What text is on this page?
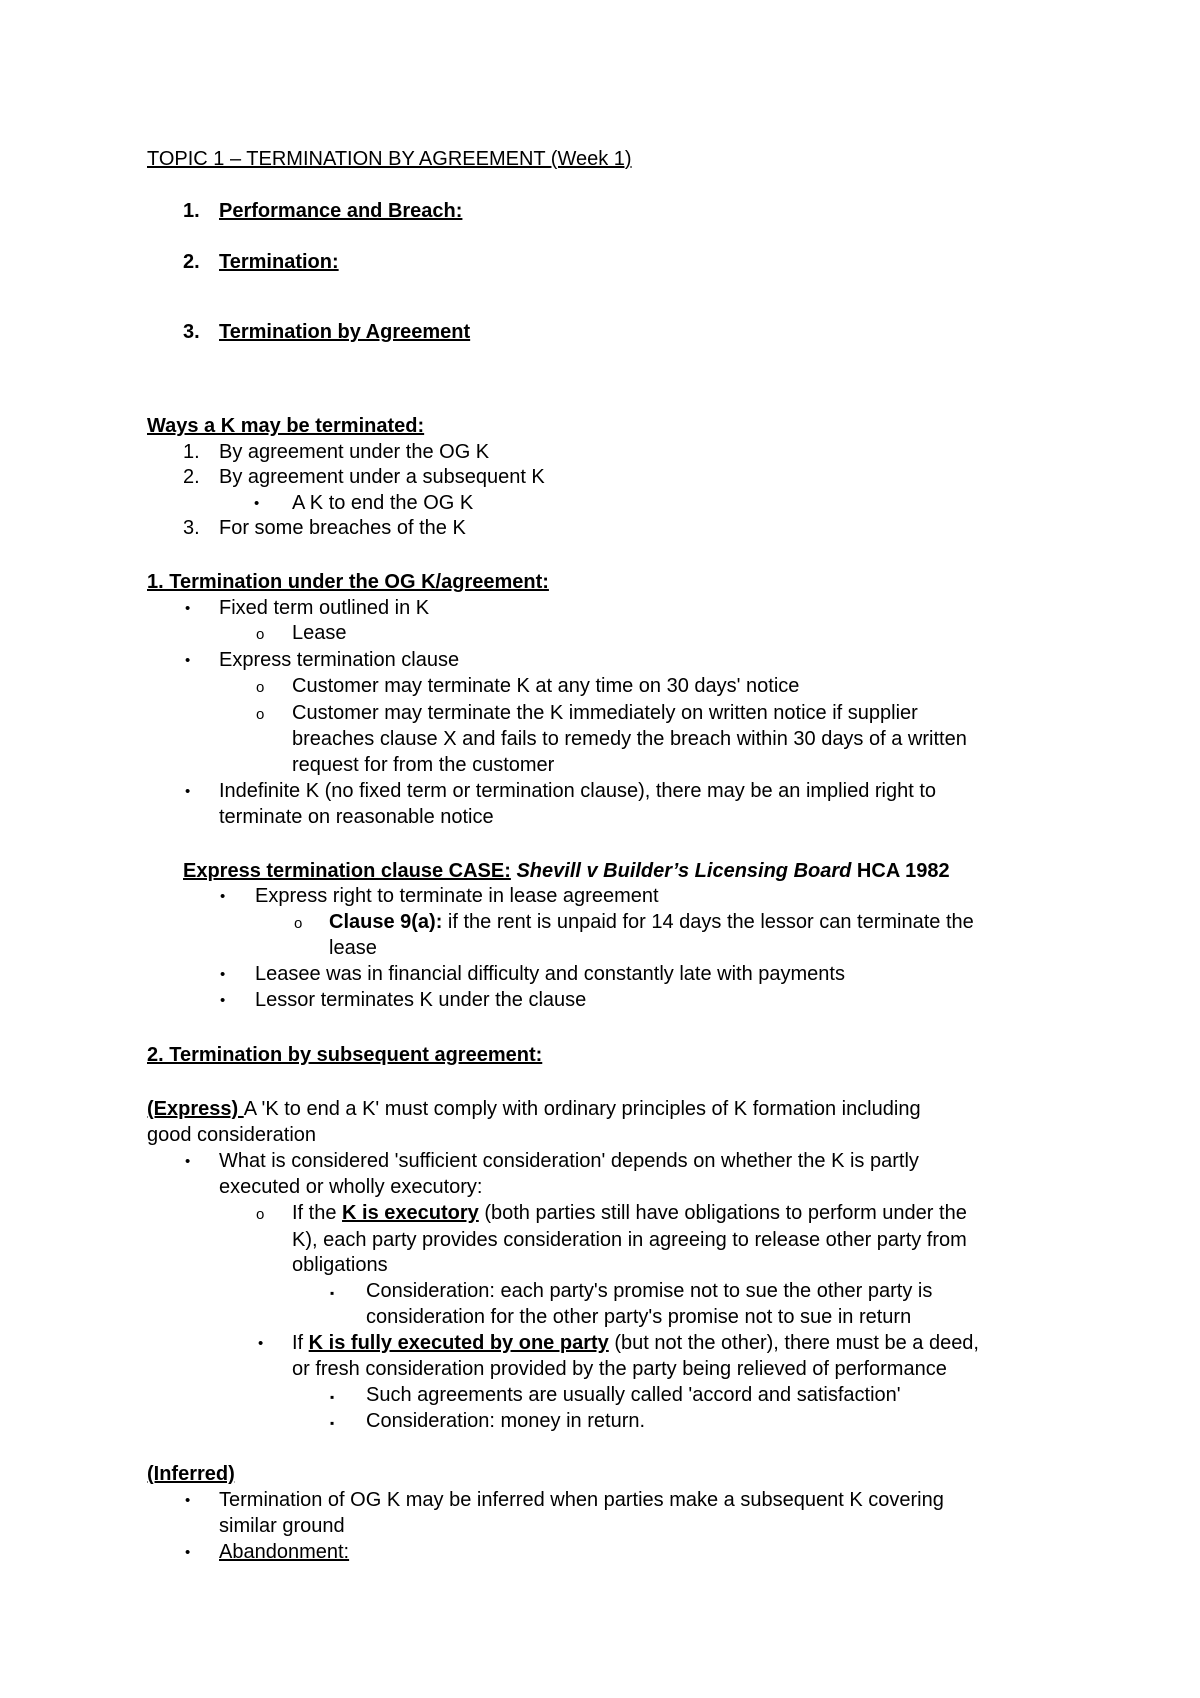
TOPIC 1 – TERMINATION BY AGREEMENT (Week 1)
1. Performance and Breach:
2. Termination:
3. Termination by Agreement
Ways a K may be terminated:
1. By agreement under the OG K
2. By agreement under a subsequent K
• A K to end the OG K
3. For some breaches of the K
1. Termination under the OG K/agreement:
• Fixed term outlined in K
o Lease
• Express termination clause
o Customer may terminate K at any time on 30 days' notice
o Customer may terminate the K immediately on written notice if supplier
breaches clause X and fails to remedy the breach within 30 days of a written
request for from the customer
• Indefinite K (no fixed term or termination clause), there may be an implied right to
terminate on reasonable notice
Express termination clause CASE: Shevill v Builder’s Licensing Board HCA 1982
• Express right to terminate in lease agreement
o Clause 9(a): if the rent is unpaid for 14 days the lessor can terminate the
lease
• Leasee was in financial difficulty and constantly late with payments
• Lessor terminates K under the clause
2. Termination by subsequent agreement:
(Express) A 'K to end a K' must comply with ordinary principles of K formation including
good consideration
• What is considered 'sufficient consideration' depends on whether the K is partly
executed or wholly executory:
o If the K is executory (both parties still have obligations to perform under the
K), each party provides consideration in agreeing to release other party from
obligations
▪ Consideration: each party's promise not to sue the other party is
consideration for the other party's promise not to sue in return
• If K is fully executed by one party (but not the other), there must be a deed,
or fresh consideration provided by the party being relieved of performance
▪ Such agreements are usually called 'accord and satisfaction'
▪ Consideration: money in return.
(Inferred)
• Termination of OG K may be inferred when parties make a subsequent K covering
similar ground
• Abandonment:
